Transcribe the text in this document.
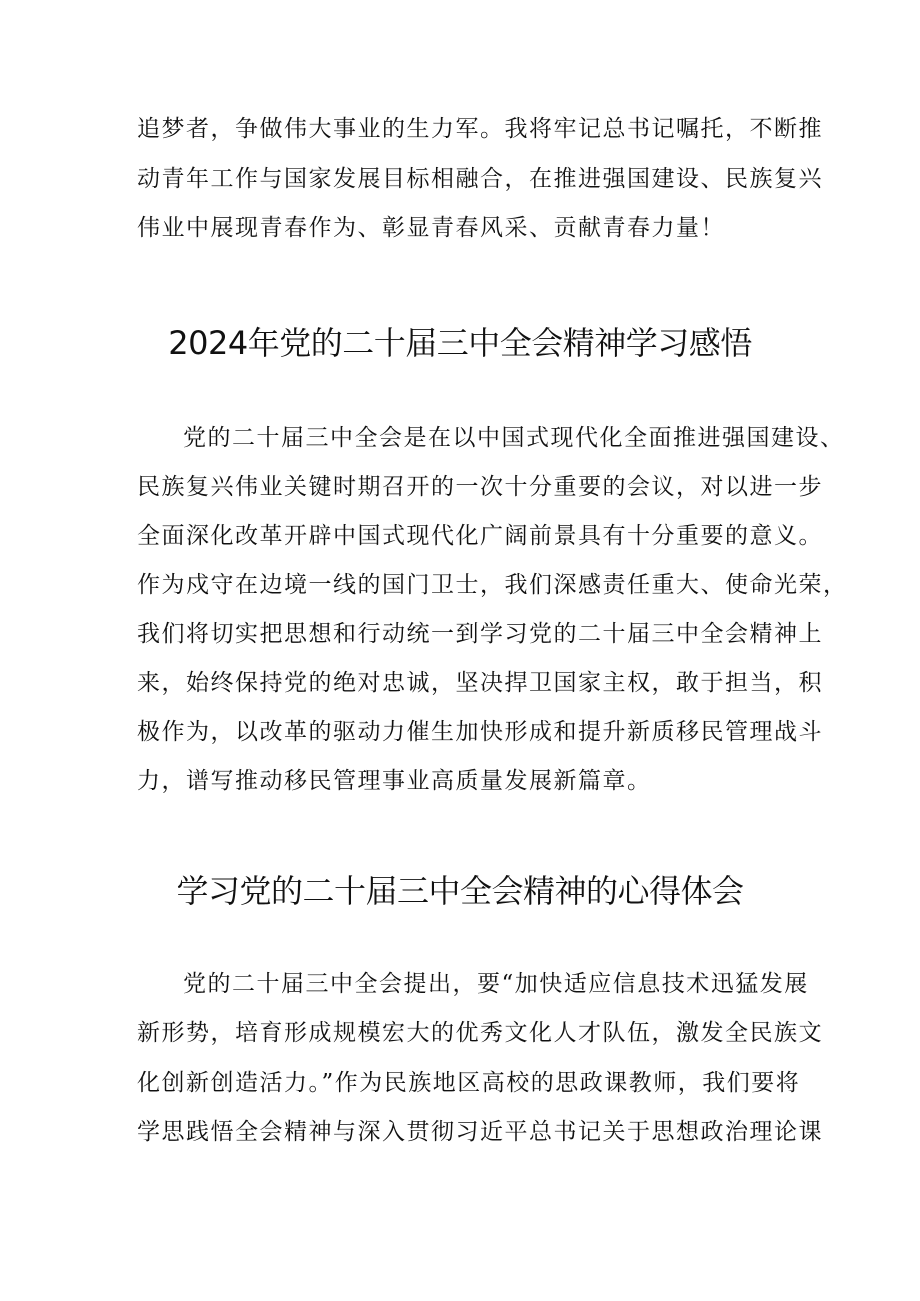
追梦者，争做伟大事业的生力军。我将牢记总书记嘱托，不断推

动青年工作与国家发展目标相融合，在推进强国建设、民族复兴

伟业中展现青春作为、彰显青春风采、贡献青春力量！

2024年党的二十届三中全会精神学习感悟

党的二十届三中全会是在以中国式现代化全面推进强国建设、

民族复兴伟业关键时期召开的一次十分重要的会议，对以进一步

全面深化改革开辟中国式现代化广阔前景具有十分重要的意义。

作为戍守在边境一线的国门卫士，我们深感责任重大、使命光荣，

我们将切实把思想和行动统一到学习党的二十届三中全会精神上

来，始终保持党的绝对忠诚，坚决捍卫国家主权，敢于担当，积

极作为，以改革的驱动力催生加快形成和提升新质移民管理战斗

力，谱写推动移民管理事业高质量发展新篇章。

学习党的二十届三中全会精神的心得体会

党的二十届三中全会提出，要“加快适应信息技术迅猛发展

新形势，培育形成规模宏大的优秀文化人才队伍，激发全民族文

化创新创造活力。”作为民族地区高校的思政课教师，我们要将

学思践悟全会精神与深入贯彻习近平总书记关于思想政治理论课
